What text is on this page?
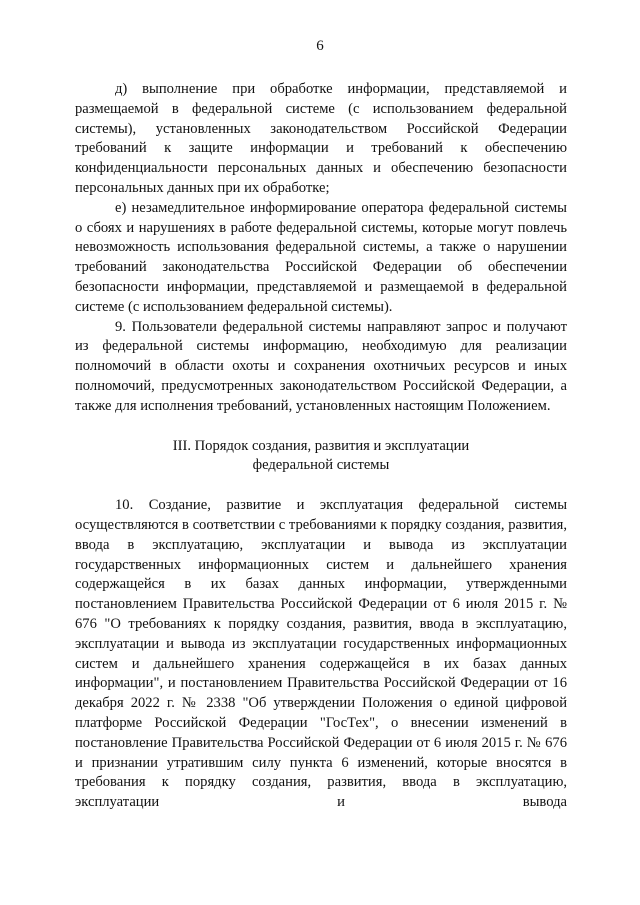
6

д) выполнение при обработке информации, представляемой и размещаемой в федеральной системе (с использованием федеральной системы), установленных законодательством Российской Федерации требований к защите информации и требований к обеспечению конфиденциальности персональных данных и обеспечению безопасности персональных данных при их обработке;

е) незамедлительное информирование оператора федеральной системы о сбоях и нарушениях в работе федеральной системы, которые могут повлечь невозможность использования федеральной системы, а также о нарушении требований законодательства Российской Федерации об обеспечении безопасности информации, представляемой и размещаемой в федеральной системе (с использованием федеральной системы).

9. Пользователи федеральной системы направляют запрос и получают из федеральной системы информацию, необходимую для реализации полномочий в области охоты и сохранения охотничьих ресурсов и иных полномочий, предусмотренных законодательством Российской Федерации, а также для исполнения требований, установленных настоящим Положением.

III. Порядок создания, развития и эксплуатации
федеральной системы

10. Создание, развитие и эксплуатация федеральной системы осуществляются в соответствии с требованиями к порядку создания, развития, ввода в эксплуатацию, эксплуатации и вывода из эксплуатации государственных информационных систем и дальнейшего хранения содержащейся в их базах данных информации, утвержденными постановлением Правительства Российской Федерации от 6 июля 2015 г. № 676 "О требованиях к порядку создания, развития, ввода в эксплуатацию, эксплуатации и вывода из эксплуатации государственных информационных систем и дальнейшего хранения содержащейся в их базах данных информации", и постановлением Правительства Российской Федерации от 16 декабря 2022 г. № 2338 "Об утверждении Положения о единой цифровой платформе Российской Федерации "ГосТех", о внесении изменений в постановление Правительства Российской Федерации от 6 июля 2015 г. № 676 и признании утратившим силу пункта 6 изменений, которые вносятся в требования к порядку создания, развития, ввода в эксплуатацию, эксплуатации и вывода
